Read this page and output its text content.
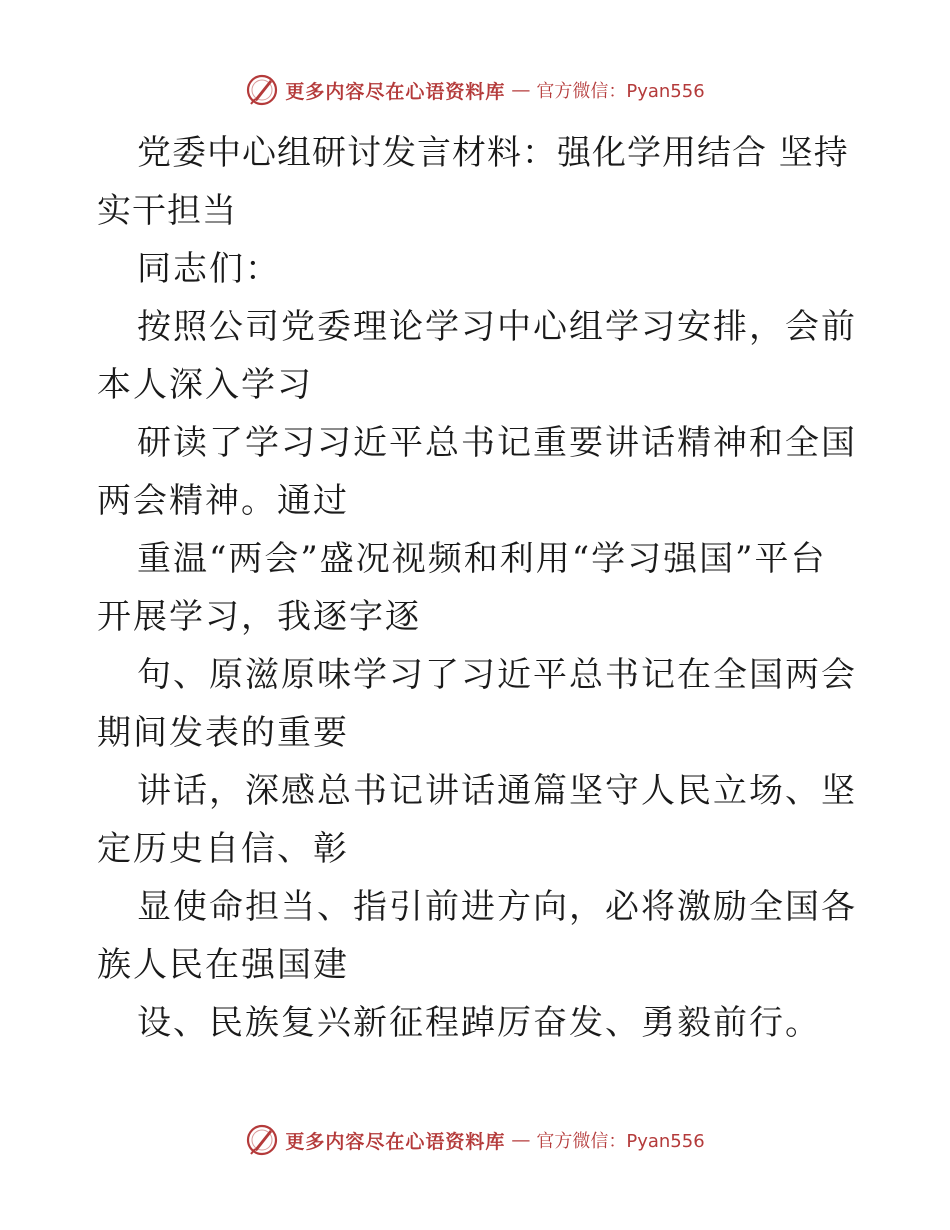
更多内容尽在心语资料库 — 官方微信：Pyan556

党委中心组研讨发言材料：强化学用结合 坚持实干担当

同志们：

按照公司党委理论学习中心组学习安排，会前本人深入学习

研读了学习习近平总书记重要讲话精神和全国两会精神。通过

重温“两会”盛况视频和利用“学习强国”平台开展学习，我逐字逐

句、原滋原味学习了习近平总书记在全国两会期间发表的重要

讲话，深感总书记讲话通篇坚守人民立场、坚定历史自信、彰

显使命担当、指引前进方向，必将激励全国各族人民在强国建

设、民族复兴新征程踔厉奋发、勇毅前行。

更多内容尽在心语资料库 — 官方微信：Pyan556
